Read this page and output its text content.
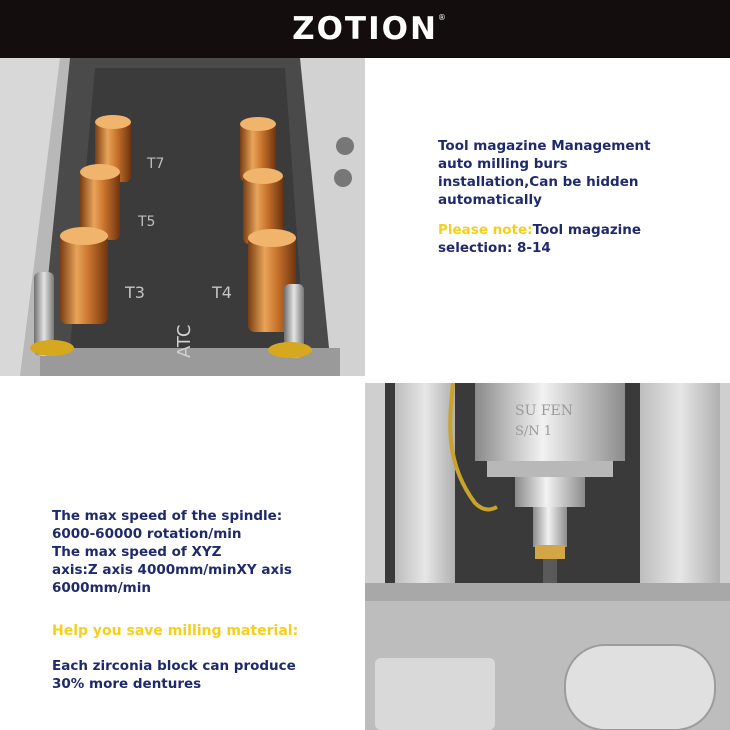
ZOTION ®
T7
T5
T3	T4
ATC
Tool magazine Management
auto milling burs
installation,Can be hidden
automatically
Please note:Tool magazine
selection: 8-14
The max speed of the spindle:
6000-60000 rotation/min
The max speed of XYZ
axis:Z axis 4000mm/minXY axis
6000mm/min
Help you save milling material:
Each zirconia block can produce
30% more dentures
SU FEN
S/N 1
